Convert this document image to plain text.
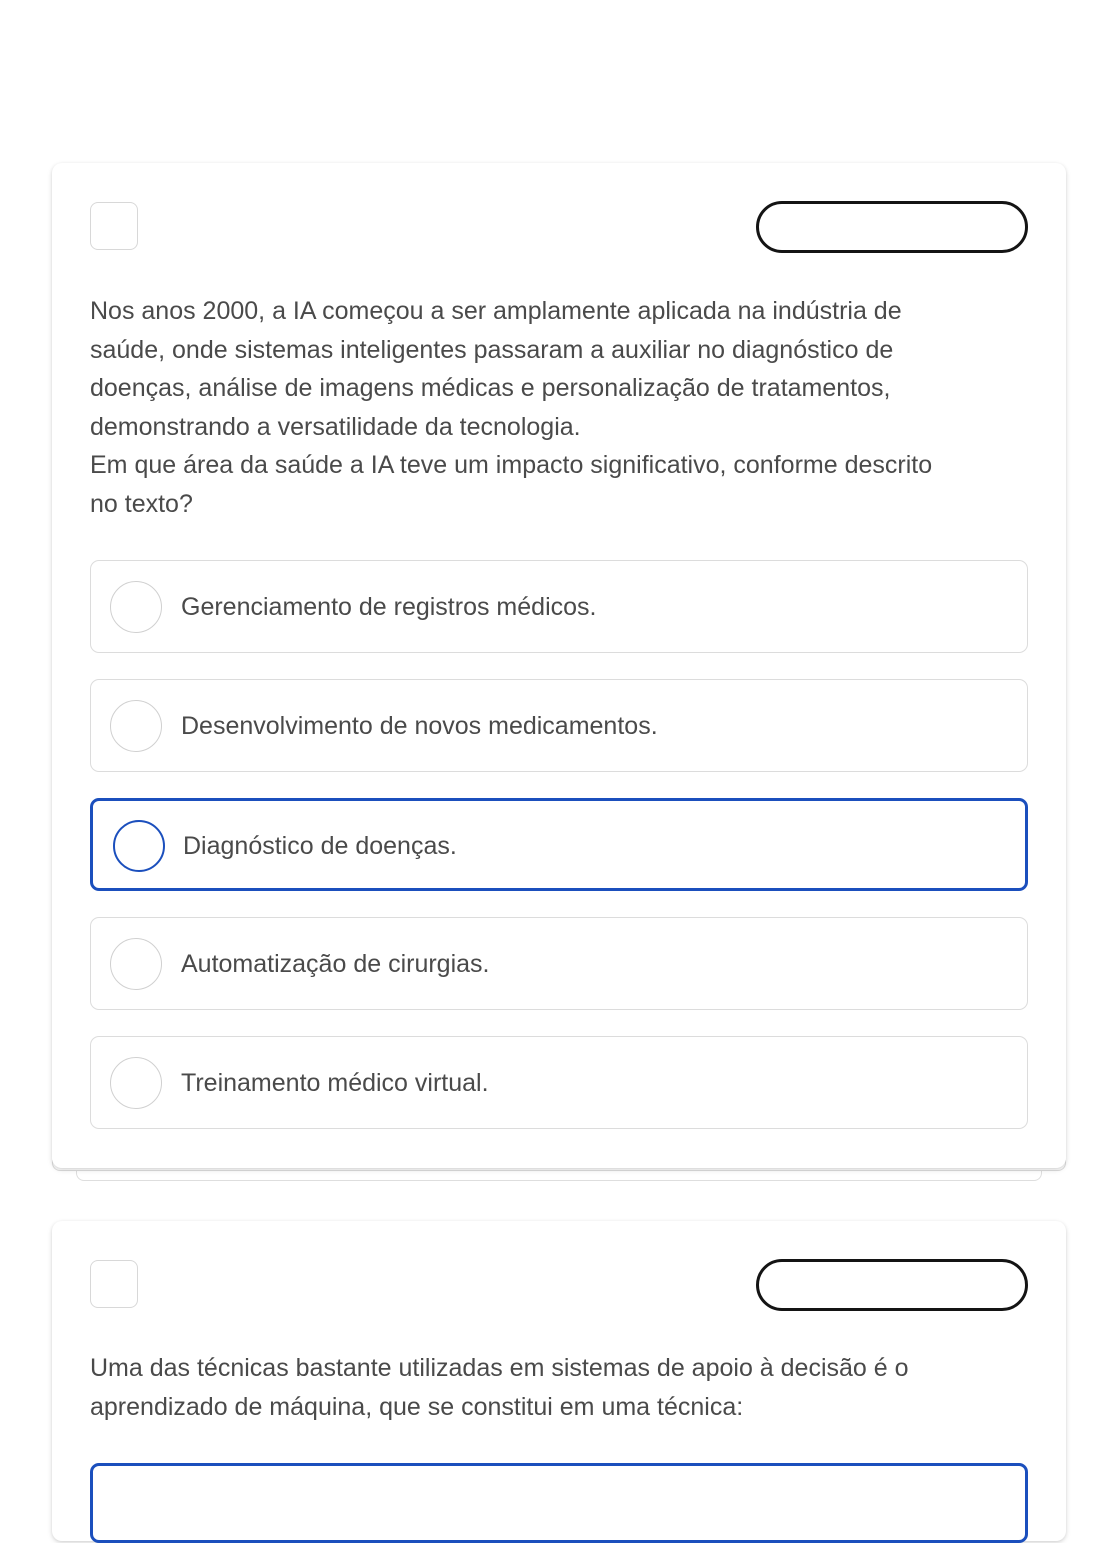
Nos anos 2000, a IA começou a ser amplamente aplicada na indústria de
saúde, onde sistemas inteligentes passaram a auxiliar no diagnóstico de
doenças, análise de imagens médicas e personalização de tratamentos,
demonstrando a versatilidade da tecnologia.
Em que área da saúde a IA teve um impacto significativo, conforme descrito
no texto?

Gerenciamento de registros médicos.
Desenvolvimento de novos medicamentos.
Diagnóstico de doenças.
Automatização de cirurgias.
Treinamento médico virtual.

Uma das técnicas bastante utilizadas em sistemas de apoio à decisão é o
aprendizado de máquina, que se constitui em uma técnica:
